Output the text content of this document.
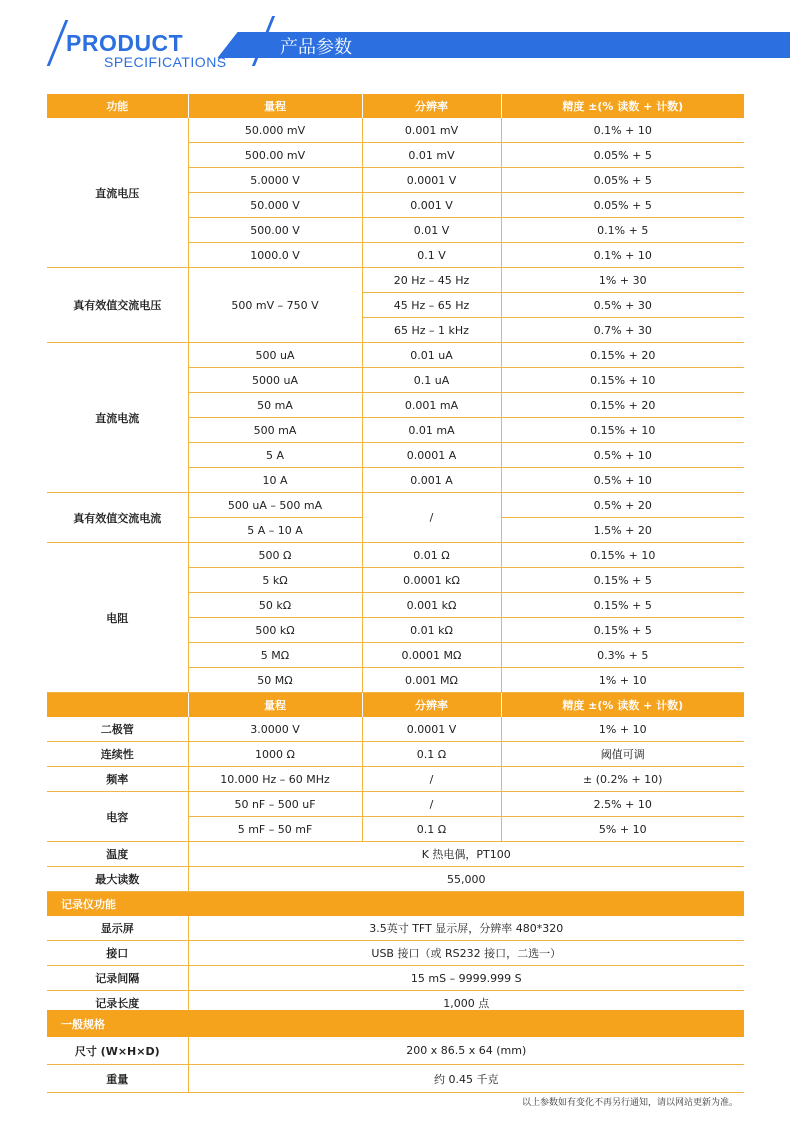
PRODUCT
SPECIFICATIONS
产品参数
功能	量程	分辨率	精度 ±(% 读数 + 计数)
直流电压	50.000 mV	0.001 mV	0.1% + 10
	500.00 mV	0.01 mV	0.05% + 5
	5.0000 V	0.0001 V	0.05% + 5
	50.000 V	0.001 V	0.05% + 5
	500.00 V	0.01 V	0.1% + 5
	1000.0 V	0.1 V	0.1% + 10
真有效值交流电压	500 mV – 750 V	20 Hz – 45 Hz	1% + 30
		45 Hz – 65 Hz	0.5% + 30
		65 Hz – 1 kHz	0.7% + 30
直流电流	500 uA	0.01 uA	0.15% + 20
	5000 uA	0.1 uA	0.15% + 10
	50 mA	0.001 mA	0.15% + 20
	500 mA	0.01 mA	0.15% + 10
	5 A	0.0001 A	0.5% + 10
	10 A	0.001 A	0.5% + 10
真有效值交流电流	500 uA – 500 mA	/	0.5% + 20
	5 A – 10 A		1.5% + 20
电阻	500 Ω	0.01 Ω	0.15% + 10
	5 kΩ	0.0001 kΩ	0.15% + 5
	50 kΩ	0.001 kΩ	0.15% + 5
	500 kΩ	0.01 kΩ	0.15% + 5
	5 MΩ	0.0001 MΩ	0.3% + 5
	50 MΩ	0.001 MΩ	1% + 10
	量程	分辨率	精度 ±(% 读数 + 计数)
二极管	3.0000 V	0.0001 V	1% + 10
连续性	1000 Ω	0.1 Ω	阈值可调
频率	10.000 Hz – 60 MHz	/	± (0.2% + 10)
电容	50 nF – 500 uF	/	2.5% + 10
	5 mF – 50 mF	0.1 Ω	5% + 10
温度	K 热电偶，PT100		
最大读数	55,000		
记录仪功能			
显示屏	3.5英寸 TFT 显示屏，分辨率 480*320		
接口	USB 接口（或 RS232 接口，二选一）		
记录间隔	15 mS – 9999.999 S		
记录长度	1,000 点		
一般规格	
尺寸 (W×H×D)	200 x 86.5 x 64 (mm)
重量	约 0.45 千克
以上参数如有变化不再另行通知，请以网站更新为准。
